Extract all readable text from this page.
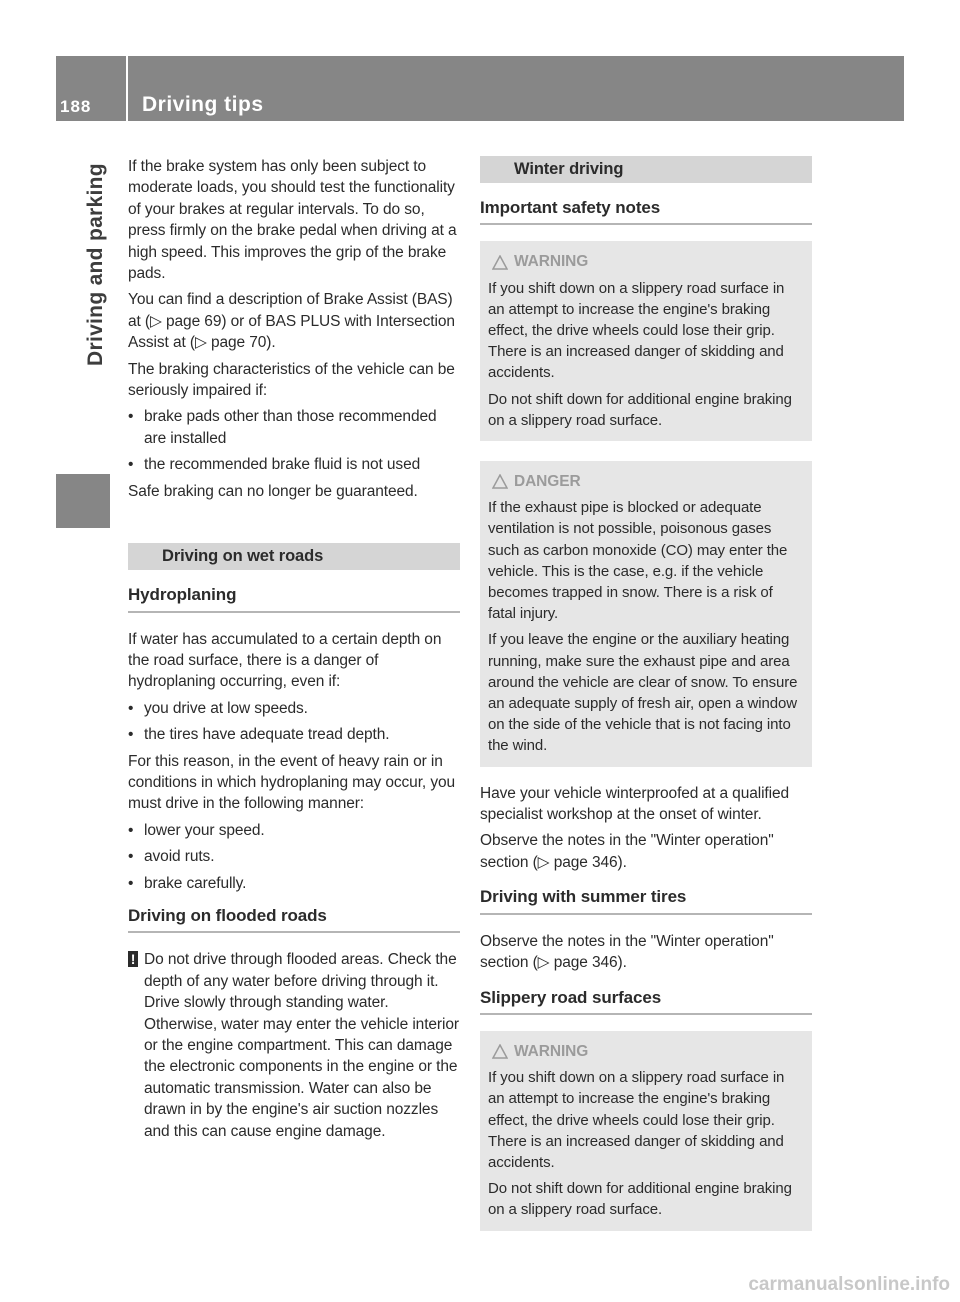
188 Driving tips
Driving and parking If the brake system has only been subject to moderate loads, you should test the functionality of your brakes at regular intervals. To do so, press firmly on the brake pedal when driving at a high speed. This improves the grip of the brake pads.

You can find a description of Brake Assist (BAS) at (▷ page 69) or of BAS PLUS with Intersection Assist at (▷ page 70).

The braking characteristics of the vehicle can be seriously impaired if:

•
brake pads other than those recommended are installed
•
the recommended brake fluid is not used

Safe braking can no longer be guaranteed.

Driving on wet roads
Hydroplaning

If water has accumulated to a certain depth on the road surface, there is a danger of hydroplaning occurring, even if:

•
you drive at low speeds.
•
the tires have adequate tread depth.

For this reason, in the event of heavy rain or in conditions in which hydroplaning may occur, you must drive in the following manner:

•
lower your speed.
•
avoid ruts.
•
brake carefully.
Driving on flooded roads
! Do not drive through flooded areas. Check the depth of any water before driving through it. Drive slowly through standing water. Otherwise, water may enter the vehicle interior or the engine compartment. This can damage the electronic components in the engine or the automatic transmission. Water can also be drawn in by the engine's air suction nozzles and this can cause engine damage.
Winter driving
Important safety notes
WARNING

If you shift down on a slippery road surface in an attempt to increase the engine's braking effect, the drive wheels could lose their grip. There is an increased danger of skidding and accidents.

Do not shift down for additional engine braking on a slippery road surface.

DANGER

If the exhaust pipe is blocked or adequate ventilation is not possible, poisonous gases such as carbon monoxide (CO) may enter the vehicle. This is the case, e.g. if the vehicle becomes trapped in snow. There is a risk of fatal injury.

If you leave the engine or the auxiliary heating running, make sure the exhaust pipe and area around the vehicle are clear of snow. To ensure an adequate supply of fresh air, open a window on the side of the vehicle that is not facing into the wind.

Have your vehicle winterproofed at a qualified specialist workshop at the onset of winter.

Observe the notes in the "Winter operation" section (▷ page 346).

Driving with summer tires

Observe the notes in the "Winter operation" section (▷ page 346).

Slippery road surfaces
WARNING

If you shift down on a slippery road surface in an attempt to increase the engine's braking effect, the drive wheels could lose their grip. There is an increased danger of skidding and accidents.

Do not shift down for additional engine braking on a slippery road surface.

carmanualsonline.info
